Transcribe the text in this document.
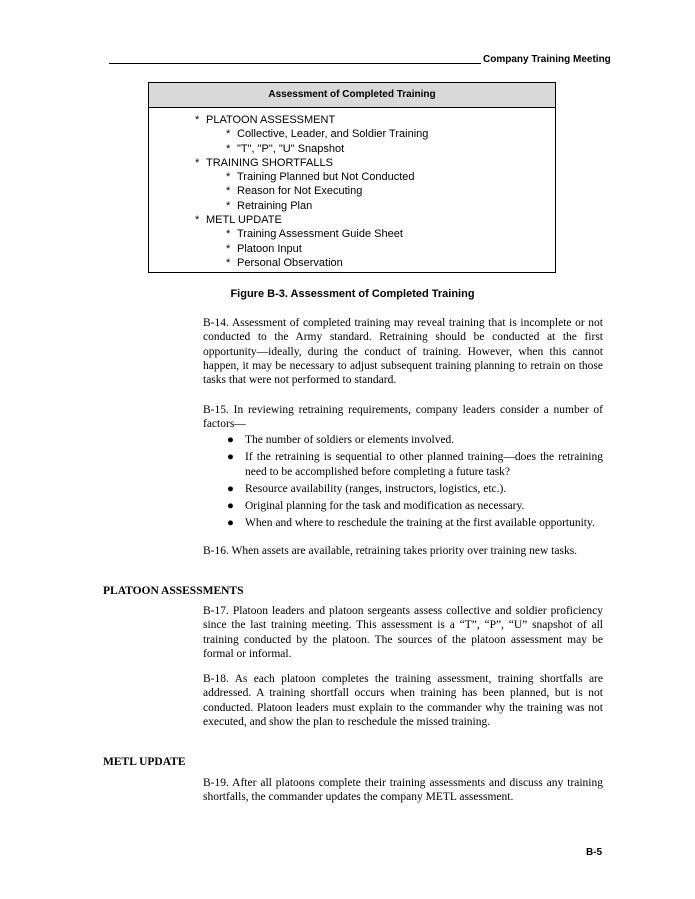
Company Training Meeting
Assessment of Completed Training
* PLATOON ASSESSMENT
* Collective, Leader, and Soldier Training
* "T", "P", "U" Snapshot
* TRAINING SHORTFALLS
* Training Planned but Not Conducted
* Reason for Not Executing
* Retraining Plan
* METL UPDATE
* Training Assessment Guide Sheet
* Platoon Input
* Personal Observation
Figure B-3. Assessment of Completed Training
B-14. Assessment of completed training may reveal training that is incomplete or not conducted to the Army standard. Retraining should be conducted at the first opportunity—ideally, during the conduct of training. However, when this cannot happen, it may be necessary to adjust subsequent training planning to retrain on those tasks that were not performed to standard.
B-15. In reviewing retraining requirements, company leaders consider a number of factors—
● The number of soldiers or elements involved.
● If the retraining is sequential to other planned training—does the retraining need to be accomplished before completing a future task?
● Resource availability (ranges, instructors, logistics, etc.).
● Original planning for the task and modification as necessary.
● When and where to reschedule the training at the first available opportunity.
B-16. When assets are available, retraining takes priority over training new tasks.
PLATOON ASSESSMENTS
B-17. Platoon leaders and platoon sergeants assess collective and soldier proficiency since the last training meeting. This assessment is a “T”, “P”, “U” snapshot of all training conducted by the platoon. The sources of the platoon assessment may be formal or informal.
B-18. As each platoon completes the training assessment, training shortfalls are addressed. A training shortfall occurs when training has been planned, but is not conducted. Platoon leaders must explain to the commander why the training was not executed, and show the plan to reschedule the missed training.
METL UPDATE
B-19. After all platoons complete their training assessments and discuss any training shortfalls, the commander updates the company METL assessment.
B-5
